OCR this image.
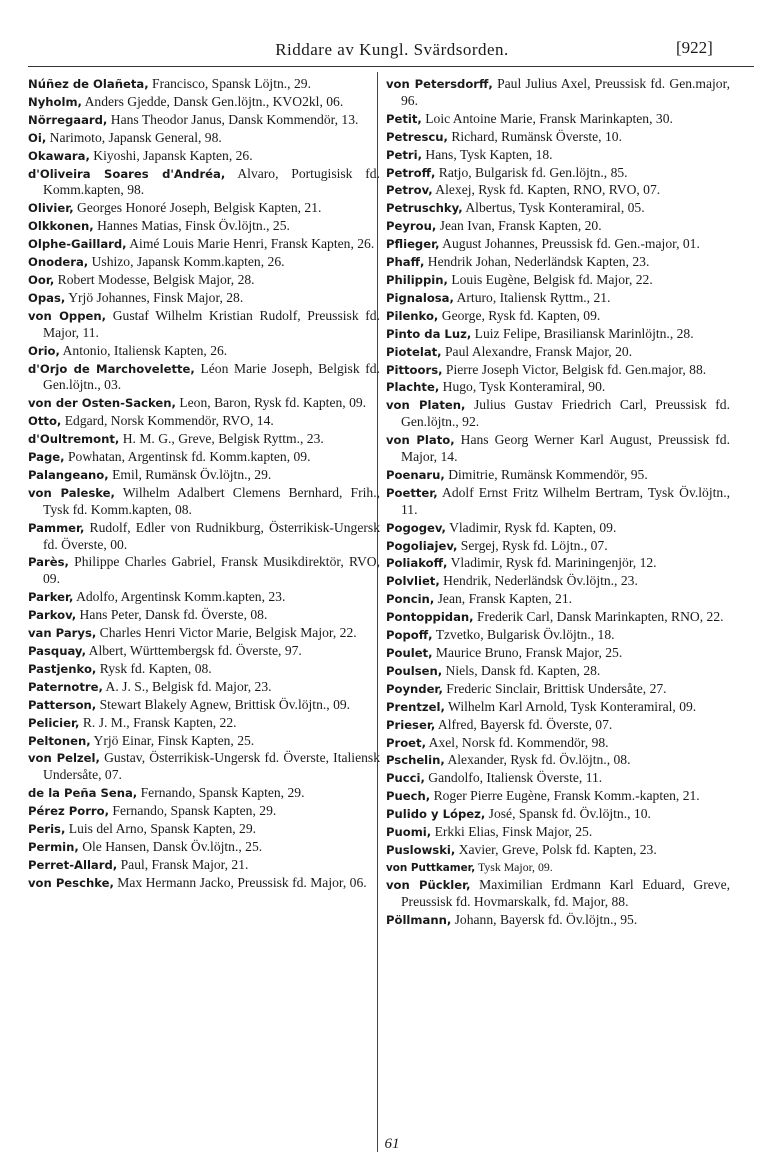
Riddare av Kungl. Svärdsorden.	[922]

Núñez de Olañeta, Francisco, Spansk Löjtn., 29.

Nyholm, Anders Gjedde, Dansk Gen.löjtn., KVO2kl, 06.

Nörregaard, Hans Theodor Janus, Dansk Kommendör, 13.

Oi, Narimoto, Japansk General, 98.

Okawara, Kiyoshi, Japansk Kapten, 26.

d'Oliveira Soares d'Andréa, Alvaro, Portugisisk fd. Komm.kapten, 98.

Olivier, Georges Honoré Joseph, Belgisk Kapten, 21.

Olkkonen, Hannes Matias, Finsk Öv.löjtn., 25.

Olphe-Gaillard, Aimé Louis Marie Henri, Fransk Kapten, 26.

Onodera, Ushizo, Japansk Komm.kapten, 26.

Oor, Robert Modesse, Belgisk Major, 28.

Opas, Yrjö Johannes, Finsk Major, 28.

von Oppen, Gustaf Wilhelm Kristian Rudolf, Preussisk fd. Major, 11.

Orio, Antonio, Italiensk Kapten, 26.

d'Orjo de Marchovelette, Léon Marie Joseph, Belgisk fd. Gen.löjtn., 03.

von der Osten-Sacken, Leon, Baron, Rysk fd. Kapten, 09.

Otto, Edgard, Norsk Kommendör, RVO, 14.

d'Oultremont, H. M. G., Greve, Belgisk Ryttm., 23.

Page, Powhatan, Argentinsk fd. Komm.kapten, 09.

Palangeano, Emil, Rumänsk Öv.löjtn., 29.

von Paleske, Wilhelm Adalbert Clemens Bernhard, Frih., Tysk fd. Komm.kapten, 08.

Pammer, Rudolf, Edler von Rudnikburg, Österrikisk-Ungersk fd. Överste, 00.

Parès, Philippe Charles Gabriel, Fransk Musikdirektör, RVO, 09.

Parker, Adolfo, Argentinsk Komm.kapten, 23.

Parkov, Hans Peter, Dansk fd. Överste, 08.

van Parys, Charles Henri Victor Marie, Belgisk Major, 22.

Pasquay, Albert, Württembergsk fd. Överste, 97.

Pastjenko, Rysk fd. Kapten, 08.

Paternotre, A. J. S., Belgisk fd. Major, 23.

Patterson, Stewart Blakely Agnew, Brittisk Öv.löjtn., 09.

Pelicier, R. J. M., Fransk Kapten, 22.

Peltonen, Yrjö Einar, Finsk Kapten, 25.

von Pelzel, Gustav, Österrikisk-Ungersk fd. Överste, Italiensk Undersåte, 07.

de la Peña Sena, Fernando, Spansk Kapten, 29.

Pérez Porro, Fernando, Spansk Kapten, 29.

Peris, Luis del Arno, Spansk Kapten, 29.

Permin, Ole Hansen, Dansk Öv.löjtn., 25.

Perret-Allard, Paul, Fransk Major, 21.

von Peschke, Max Hermann Jacko, Preussisk fd. Major, 06.

von Petersdorff, Paul Julius Axel, Preussisk fd. Gen.major, 96.

Petit, Loic Antoine Marie, Fransk Marinkapten, 30.

Petrescu, Richard, Rumänsk Överste, 10.

Petri, Hans, Tysk Kapten, 18.

Petroff, Ratjo, Bulgarisk fd. Gen.löjtn., 85.

Petrov, Alexej, Rysk fd. Kapten, RNO, RVO, 07.

Petruschky, Albertus, Tysk Konteramiral, 05.

Peyrou, Jean Ivan, Fransk Kapten, 20.

Pflieger, August Johannes, Preussisk fd. Gen.-major, 01.

Phaff, Hendrik Johan, Nederländsk Kapten, 23.

Philippin, Louis Eugène, Belgisk fd. Major, 22.

Pignalosa, Arturo, Italiensk Ryttm., 21.

Pilenko, George, Rysk fd. Kapten, 09.

Pinto da Luz, Luiz Felipe, Brasiliansk Marinlöjtn., 28.

Piotelat, Paul Alexandre, Fransk Major, 20.

Pittoors, Pierre Joseph Victor, Belgisk fd. Gen.major, 88.

Plachte, Hugo, Tysk Konteramiral, 90.

von Platen, Julius Gustav Friedrich Carl, Preussisk fd. Gen.löjtn., 92.

von Plato, Hans Georg Werner Karl August, Preussisk fd. Major, 14.

Poenaru, Dimitrie, Rumänsk Kommendör, 95.

Poetter, Adolf Ernst Fritz Wilhelm Bertram, Tysk Öv.löjtn., 11.

Pogogev, Vladimir, Rysk fd. Kapten, 09.

Pogoliajev, Sergej, Rysk fd. Löjtn., 07.

Poliakoff, Vladimir, Rysk fd. Mariningenjör, 12.

Polvliet, Hendrik, Nederländsk Öv.löjtn., 23.

Poncin, Jean, Fransk Kapten, 21.

Pontoppidan, Frederik Carl, Dansk Marinkapten, RNO, 22.

Popoff, Tzvetko, Bulgarisk Öv.löjtn., 18.

Poulet, Maurice Bruno, Fransk Major, 25.

Poulsen, Niels, Dansk fd. Kapten, 28.

Poynder, Frederic Sinclair, Brittisk Undersåte, 27.

Prentzel, Wilhelm Karl Arnold, Tysk Konteramiral, 09.

Prieser, Alfred, Bayersk fd. Överste, 07.

Proet, Axel, Norsk fd. Kommendör, 98.

Pschelin, Alexander, Rysk fd. Öv.löjtn., 08.

Pucci, Gandolfo, Italiensk Överste, 11.

Puech, Roger Pierre Eugène, Fransk Komm.-kapten, 21.

Pulido y López, José, Spansk fd. Öv.löjtn., 10.

Puomi, Erkki Elias, Finsk Major, 25.

Puslowski, Xavier, Greve, Polsk fd. Kapten, 23.

von Puttkamer, Tysk Major, 09.

von Pückler, Maximilian Erdmann Karl Eduard, Greve, Preussisk fd. Hovmarskalk, fd. Major, 88.

Pöllmann, Johann, Bayersk fd. Öv.löjtn., 95.

61
